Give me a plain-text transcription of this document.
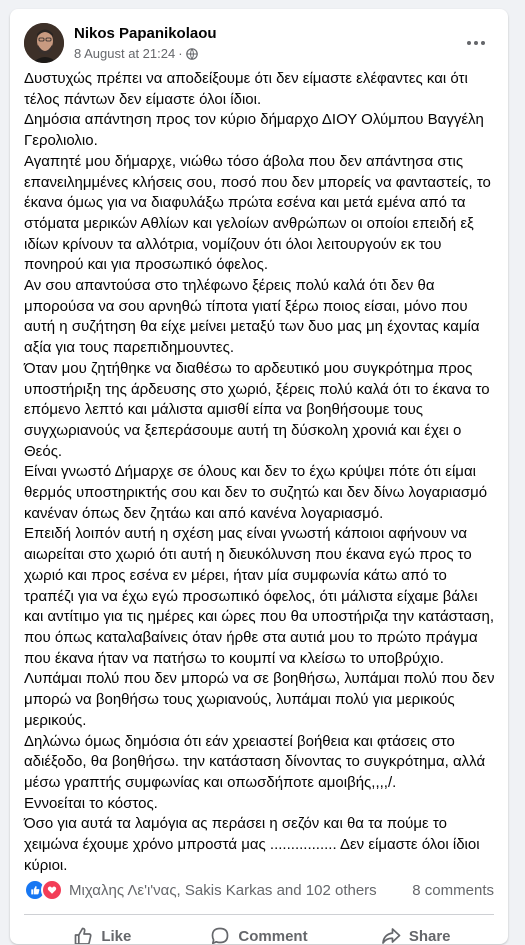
Nikos Papanikolaou
8 August at 21:24 ·

Δυστυχώς πρέπει να αποδείξουμε ότι δεν είμαστε ελέφαντες και ότι τέλος πάντων δεν είμαστε όλοι ίδιοι.

Δημόσια απάντηση προς τον κύριο δήμαρχο ΔΙΟΥ Ολύμπου Βαγγέλη Γερολιολιο.

Αγαπητέ μου δήμαρχε, νιώθω τόσο άβολα που δεν απάντησα στις επανειλημμένες κλήσεις σου, ποσό που δεν μπορείς να φανταστείς, το έκανα όμως για να διαφυλάξω πρώτα εσένα και μετά εμένα από τα στόματα μερικών Αθλίων και γελοίων ανθρώπων οι οποίοι επειδή εξ ιδίων κρίνουν τα αλλότρια, νομίζουν ότι όλοι λειτουργούν εκ του πονηρού και για προσωπικό όφελος.

Αν σου απαντούσα στο τηλέφωνο ξέρεις πολύ καλά ότι δεν θα μπορούσα να σου αρνηθώ τίποτα γιατί ξέρω ποιος είσαι, μόνο που αυτή η συζήτηση θα είχε μείνει μεταξύ των δυο μας μη έχοντας καμία αξία για τους παρεπιδημουντες.

Όταν μου ζητήθηκε να διαθέσω το αρδευτικό μου συγκρότημα προς υποστήριξη της άρδευσης στο χωριό, ξέρεις πολύ καλά ότι το έκανα το επόμενο λεπτό και μάλιστα αμισθί είπα να βοηθήσουμε τους συγχωριανούς να ξεπεράσουμε αυτή τη δύσκολη χρονιά και έχει ο Θεός.

Είναι γνωστό Δήμαρχε σε όλους και δεν το έχω κρύψει πότε ότι είμαι θερμός υποστηρικτής σου και δεν το συζητώ και δεν δίνω λογαριασμό κανέναν όπως δεν ζητάω και από κανένα λογαριασμό.

Επειδή λοιπόν αυτή η σχέση μας είναι γνωστή κάποιοι αφήνουν να αιωρείται στο χωριό ότι αυτή η διευκόλυνση που έκανα εγώ προς το χωριό και προς εσένα εν μέρει, ήταν μία συμφωνία κάτω από το τραπέζι για να έχω εγώ προσωπικό όφελος, ότι μάλιστα είχαμε βάλει και αντίτιμο για τις ημέρες και ώρες που θα υποστήριζα την κατάσταση, που όπως καταλαβαίνεις όταν ήρθε στα αυτιά μου το πρώτο πράγμα που έκανα ήταν να πατήσω το κουμπί να κλείσω το υποβρύχιο.

Λυπάμαι πολύ που δεν μπορώ να σε βοηθήσω, λυπάμαι πολύ που δεν μπορώ να βοηθήσω τους χωριανούς, λυπάμαι πολύ για μερικούς μερικούς.

Δηλώνω όμως δημόσια ότι εάν χρειαστεί βοήθεια και φτάσεις στο αδιέξοδο, θα βοηθήσω. την κατάσταση δίνοντας το συγκρότημα, αλλά μέσω γραπτής συμφωνίας και οπωσδήποτε αμοιβής,,,,/.

Εννοείται το κόστος.

Όσο για αυτά τα λαμόγια ας περάσει η σεζόν και θα τα πούμε το χειμώνα έχουμε χρόνο μπροστά μας ................ Δεν είμαστε όλοι ίδιοι κύριοι.

Μιχαλης Λε'ι'νας, Sakis Karkas and 102 others	8 comments
Like	Comment	Share
